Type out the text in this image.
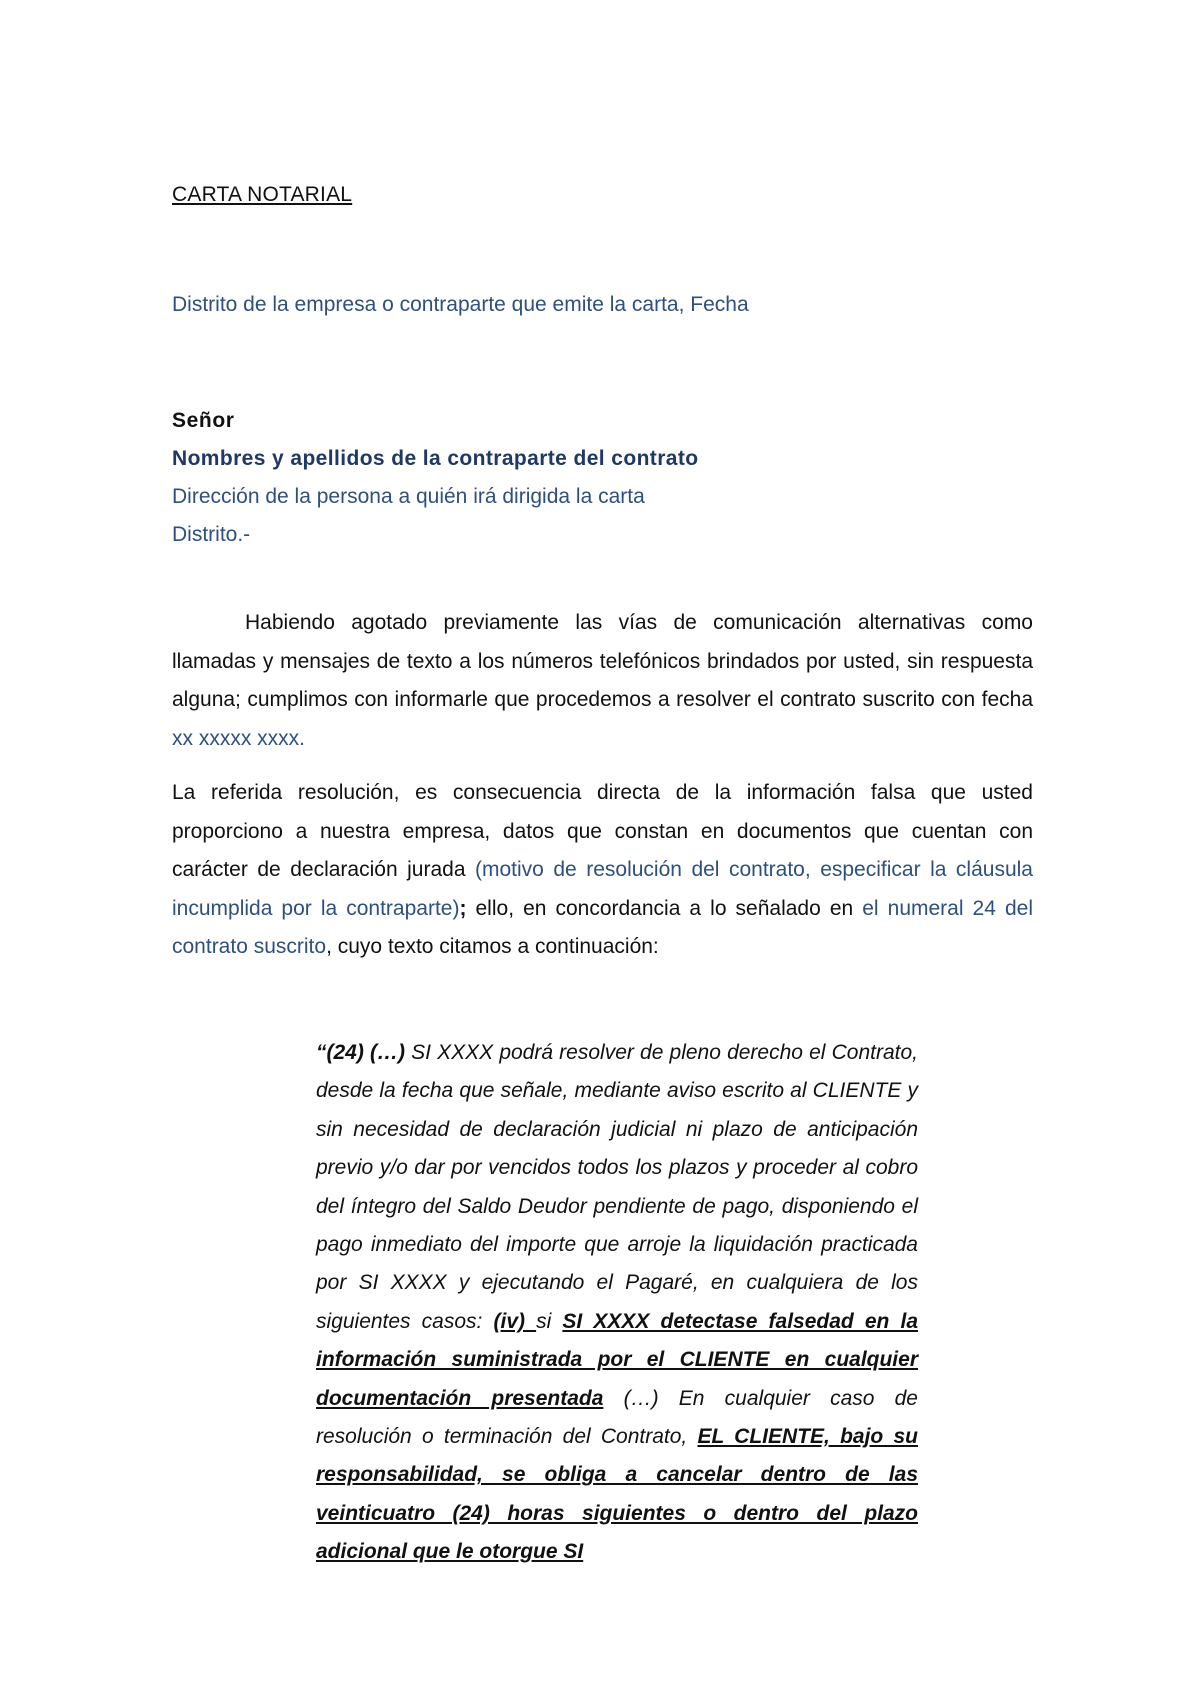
CARTA NOTARIAL
Distrito de la empresa o contraparte que emite la carta, Fecha
Señor
Nombres y apellidos de la contraparte del contrato
Dirección de la persona a quién irá dirigida la carta
Distrito.-
Habiendo agotado previamente las vías de comunicación alternativas como llamadas y mensajes de texto a los números telefónicos brindados por usted, sin respuesta alguna; cumplimos con informarle que procedemos a resolver el contrato suscrito con fecha xx xxxxx xxxx.
La referida resolución, es consecuencia directa de la información falsa que usted proporciono a nuestra empresa, datos que constan en documentos que cuentan con carácter de declaración jurada (motivo de resolución del contrato, especificar la cláusula incumplida por la contraparte); ello, en concordancia a lo señalado en el numeral 24 del contrato suscrito, cuyo texto citamos a continuación:
“(24) (…) SI XXXX podrá resolver de pleno derecho el Contrato, desde la fecha que señale, mediante aviso escrito al CLIENTE y sin necesidad de declaración judicial ni plazo de anticipación previo y/o dar por vencidos todos los plazos y proceder al cobro del íntegro del Saldo Deudor pendiente de pago, disponiendo el pago inmediato del importe que arroje la liquidación practicada por SI XXXX y ejecutando el Pagaré, en cualquiera de los siguientes casos: (iv) si SI XXXX detectase falsedad en la información suministrada por el CLIENTE en cualquier documentación presentada (…) En cualquier caso de resolución o terminación del Contrato, EL CLIENTE, bajo su responsabilidad, se obliga a cancelar dentro de las veinticuatro (24) horas siguientes o dentro del plazo adicional que le otorgue SI
